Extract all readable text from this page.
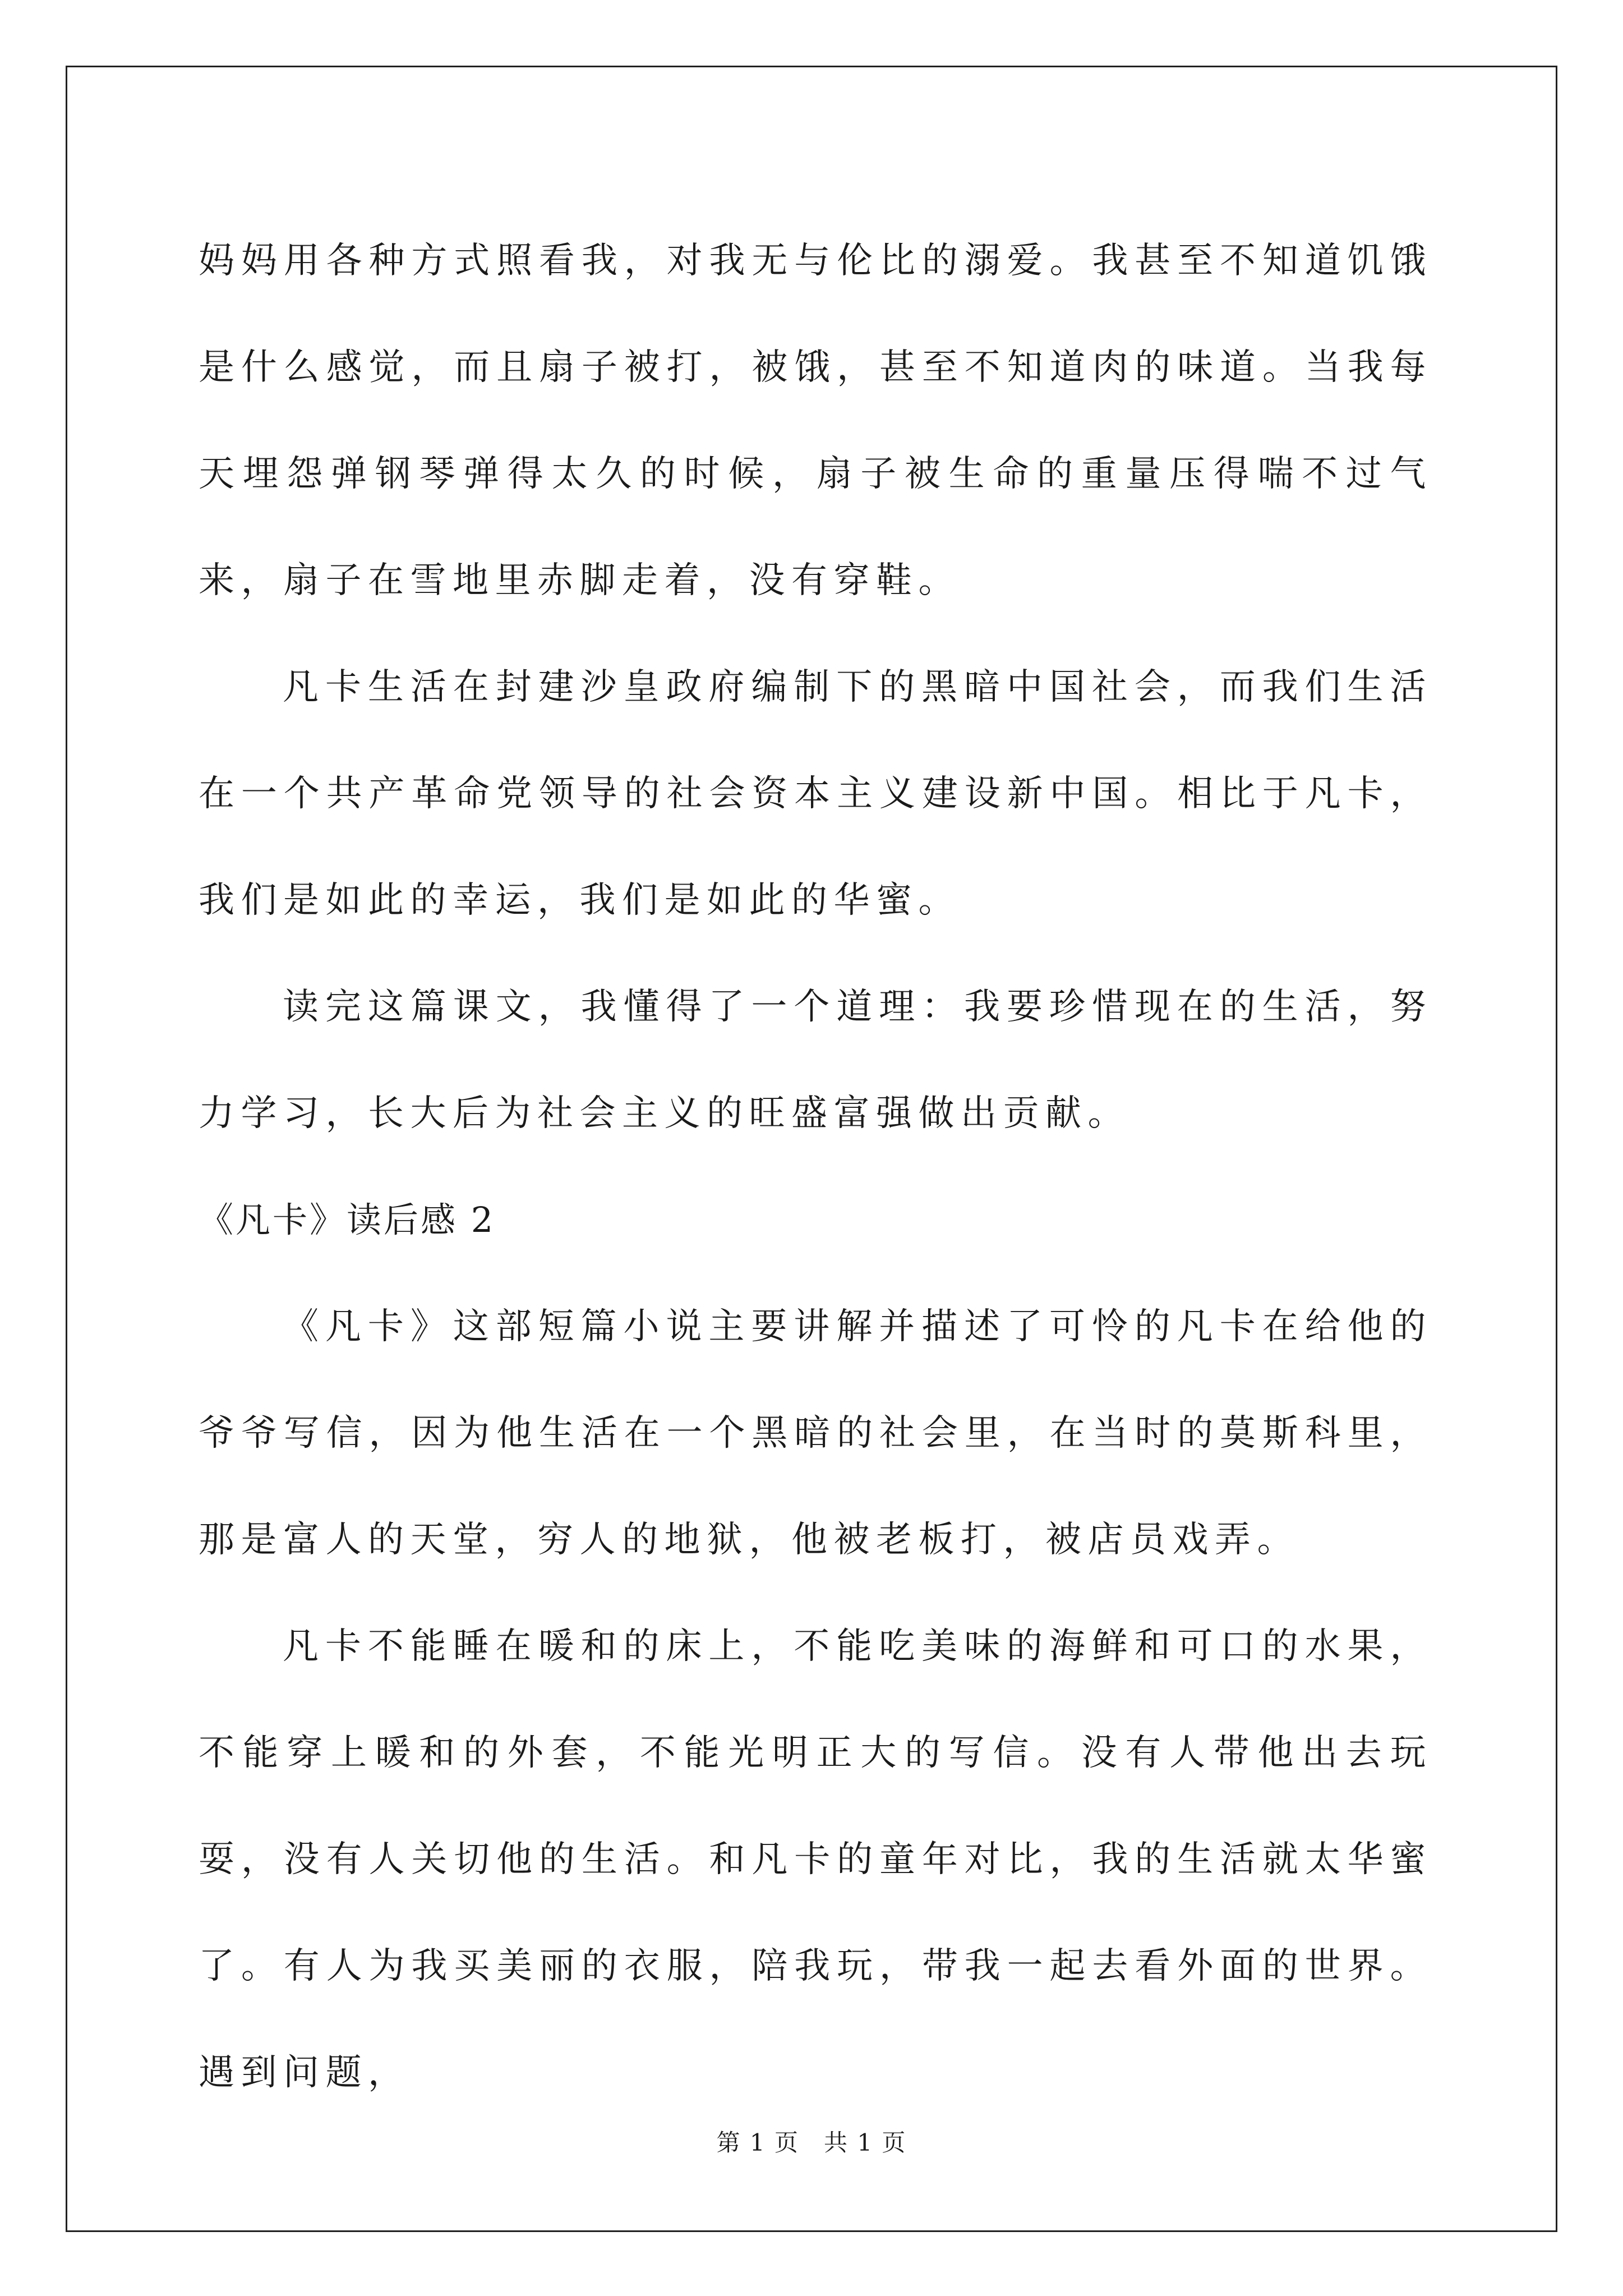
妈妈用各种方式照看我，对我无与伦比的溺爱。我甚至不知道饥饿是什么感觉，而且扇子被打，被饿，甚至不知道肉的味道。当我每天埋怨弹钢琴弹得太久的时候，扇子被生命的重量压得喘不过气来，扇子在雪地里赤脚走着，没有穿鞋。

凡卡生活在封建沙皇政府编制下的黑暗中国社会，而我们生活在一个共产革命党领导的社会资本主义建设新中国。相比于凡卡，我们是如此的幸运，我们是如此的华蜜。

读完这篇课文，我懂得了一个道理：我要珍惜现在的生活，努力学习，长大后为社会主义的旺盛富强做出贡献。

《凡卡》读后感 2

《凡卡》这部短篇小说主要讲解并描述了可怜的凡卡在给他的爷爷写信，因为他生活在一个黑暗的社会里，在当时的莫斯科里，那是富人的天堂，穷人的地狱，他被老板打，被店员戏弄。

凡卡不能睡在暖和的床上，不能吃美味的海鲜和可口的水果，不能穿上暖和的外套，不能光明正大的写信。没有人带他出去玩耍，没有人关切他的生活。和凡卡的童年对比，我的生活就太华蜜了。有人为我买美丽的衣服，陪我玩，带我一起去看外面的世界。遇到问题，

第 1 页　共 1 页
